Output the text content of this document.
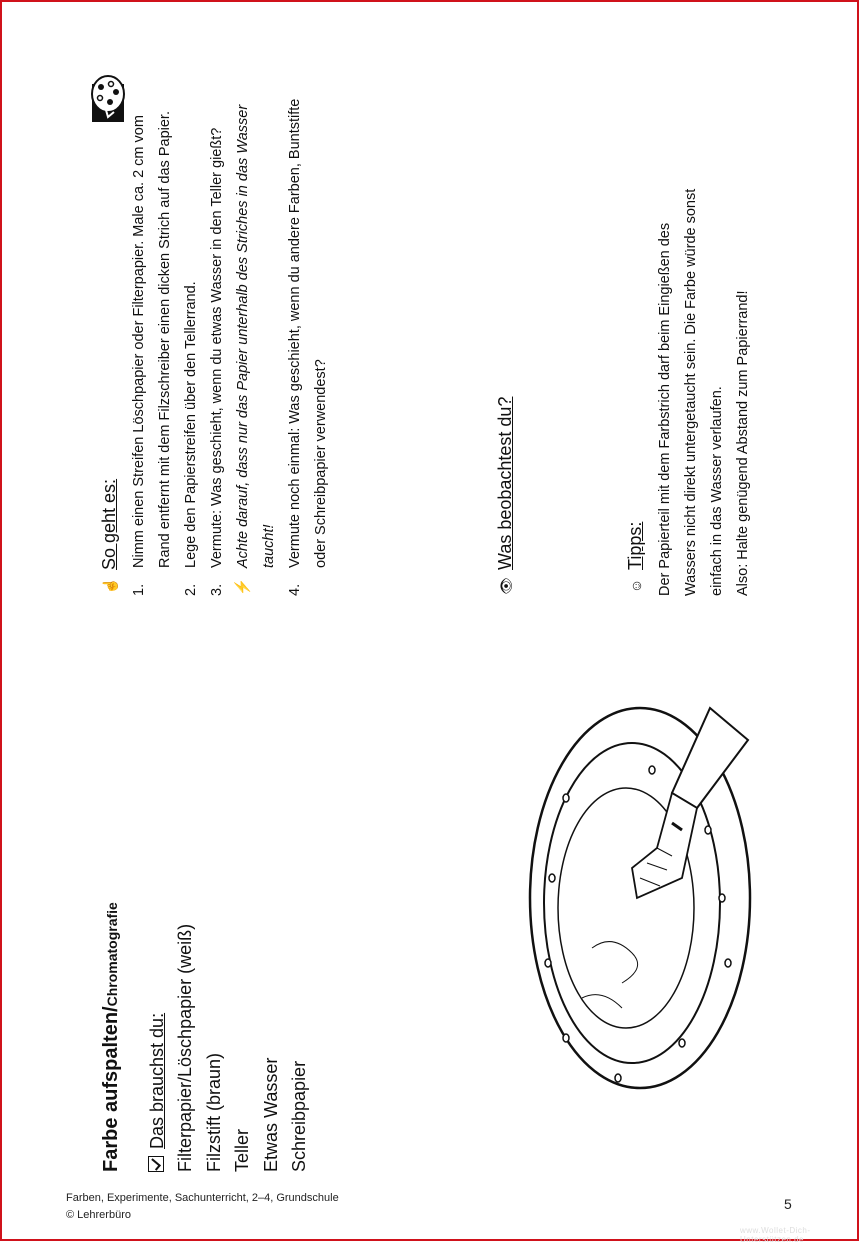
Farbe aufspalten/Chromatografie
Das brauchst du: Filterpapier/Löschpapier (weiß) Filzstift (braun) Teller Etwas Wasser Schreibpapier
☝So geht es:
1.
Nimm einen Streifen Löschpapier oder Filterpapier. Male ca. 2 cm vom Rand entfernt mit dem Filzschreiber einen dicken Strich auf das Papier.
2.
Lege den Papierstreifen über den Tellerrand.
3.
Vermute: Was geschieht, wenn du etwas Wasser in den Teller gießt?
⚡
Achte darauf, dass nur das Papier unterhalb des Striches in das Wasser taucht!
4.
Vermute noch einmal: Was geschieht, wenn du andere Farben, Buntstifte oder Schreibpapier verwendest?
👁Was beobachtest du?
☺Tipps: Der Papierteil mit dem Farbstrich darf beim Eingießen des Wassers nicht direkt untergetaucht sein. Die Farbe würde sonst einfach in das Wasser verlaufen. Also: Halte genügend Abstand zum Papierrand!
Farben, Experimente, Sachunterricht, 2–4, Grundschule
© Lehrerbüro
5
www.Wollet-Dich-Unterstützen.de
